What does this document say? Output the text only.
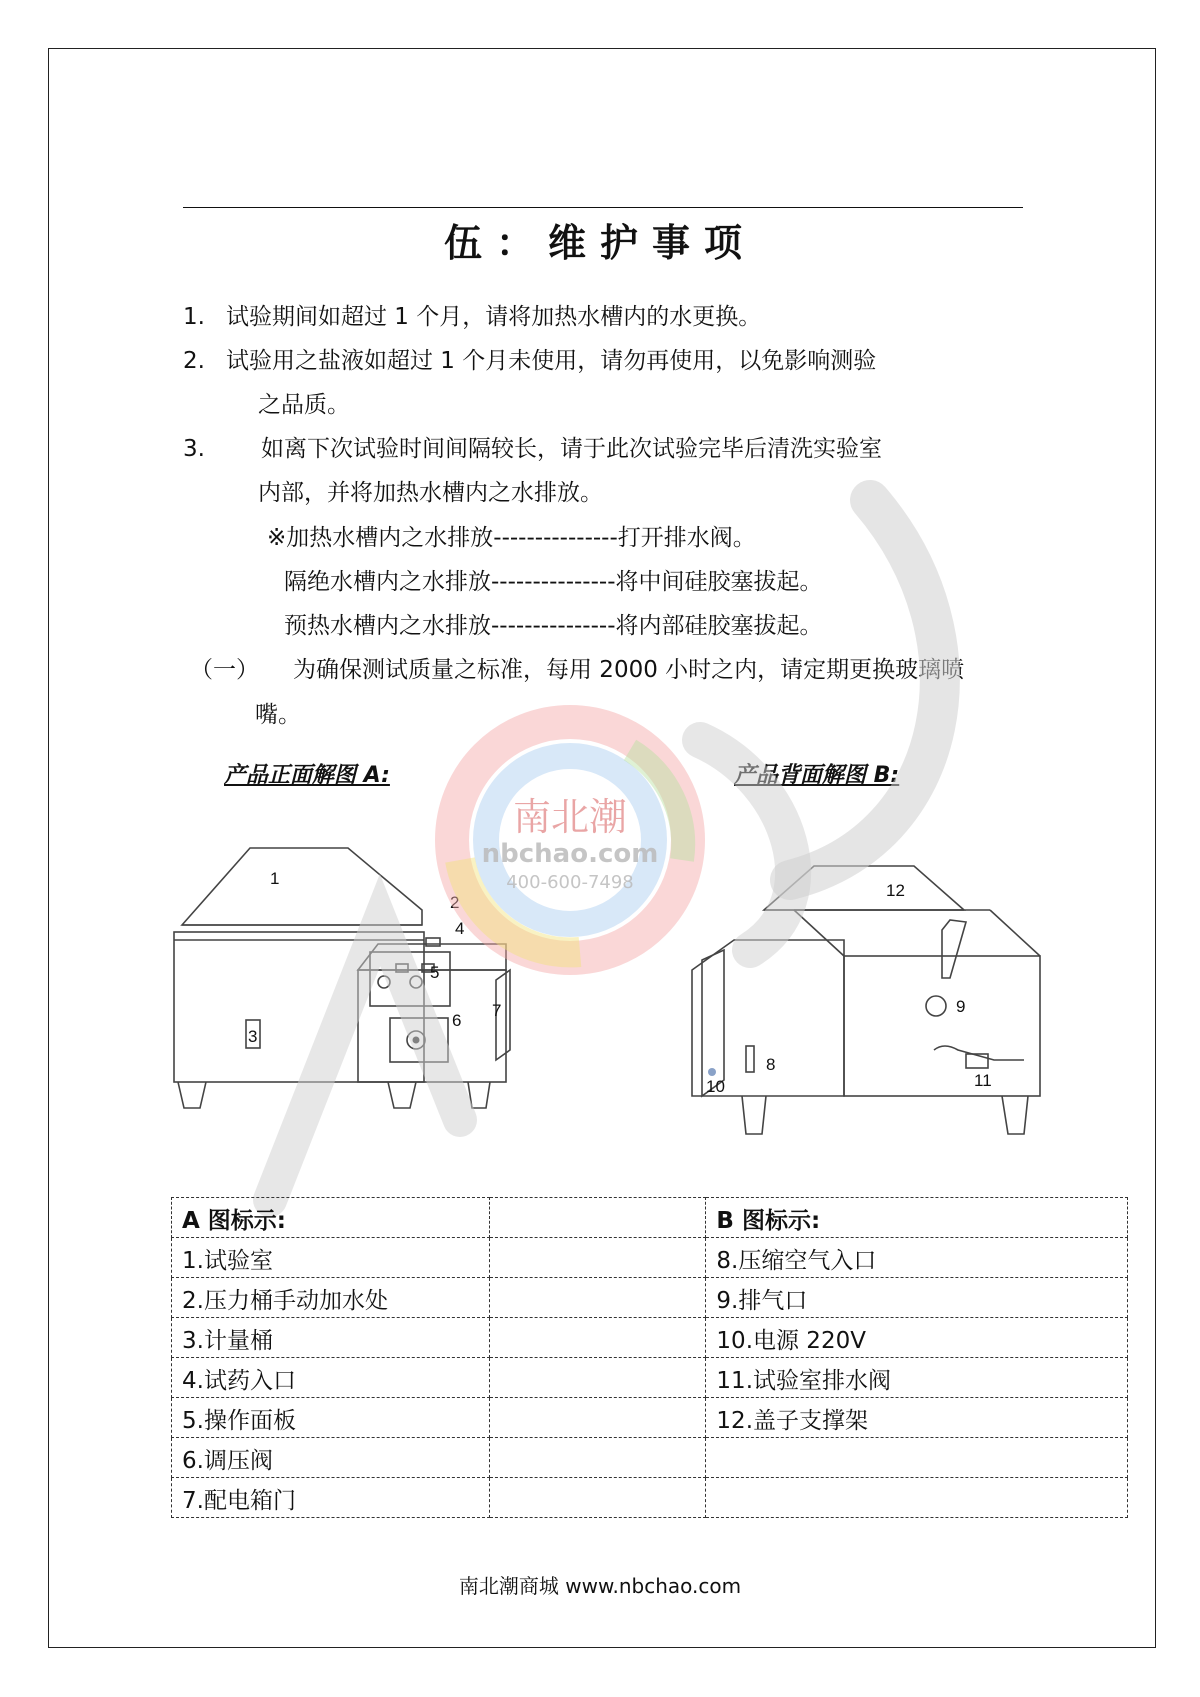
伍：维护事项
1. 试验期间如超过 1 个月，请将加热水槽内的水更换。
2. 试验用之盐液如超过 1 个月未使用，请勿再使用，以免影响测验
之品质。
3. 如离下次试验时间间隔较长，请于此次试验完毕后清洗实验室
内部，并将加热水槽内之水排放。
※加热水槽内之水排放---------------打开排水阀。
隔绝水槽内之水排放---------------将中间硅胶塞拔起。
预热水槽内之水排放---------------将内部硅胶塞拔起。
（一） 为确保测试质量之标准，每用 2000 小时之内，请定期更换玻璃喷
嘴。
产品正面解图 A:	产品背面解图 B:
1
2
3
4
5
6
7
12
9
8
10	11
南北潮
nbchao.com
400-600-7498
A 图标示:		B 图标示:
1.试验室		8.压缩空气入口
2.压力桶手动加水处		9.排气口
3.计量桶		10.电源 220V
4.试药入口		11.试验室排水阀
5.操作面板		12.盖子支撑架
6.调压阀		
7.配电箱门		
南北潮商城 www.nbchao.com
